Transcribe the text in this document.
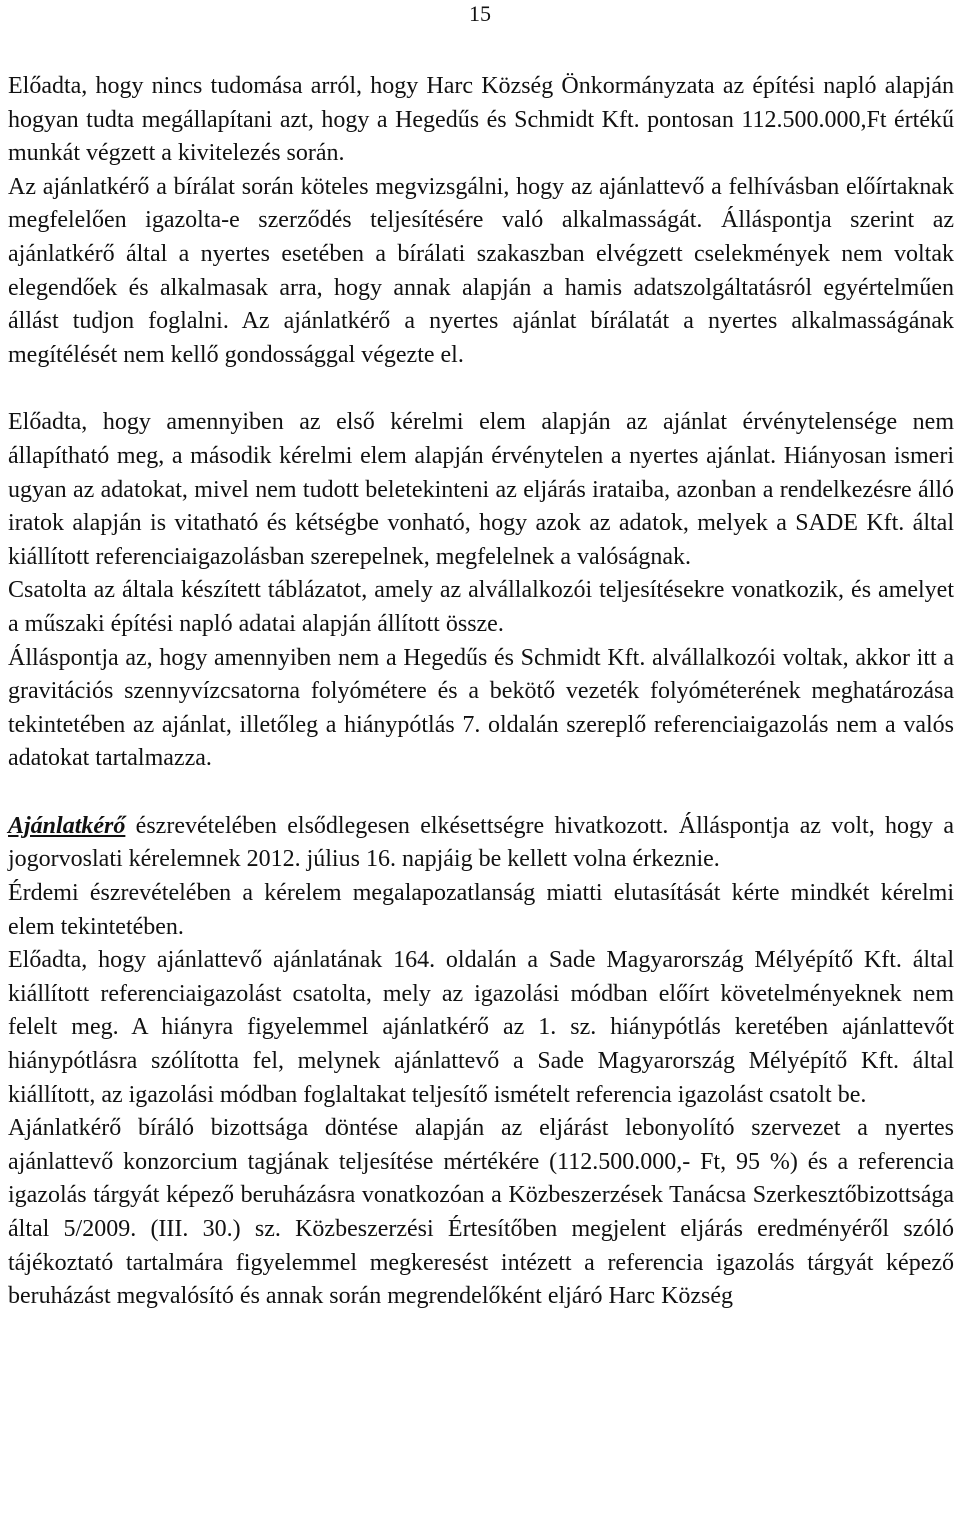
15

Előadta, hogy nincs tudomása arról, hogy Harc Község Önkormányzata az építési napló alapján hogyan tudta megállapítani azt, hogy a Hegedűs és Schmidt Kft. pontosan 112.500.000,Ft értékű munkát végzett a kivitelezés során.

Az ajánlatkérő a bírálat során köteles megvizsgálni, hogy az ajánlattevő a felhívásban előírtaknak megfelelően igazolta-e szerződés teljesítésére való alkalmasságát. Álláspontja szerint az ajánlatkérő által a nyertes esetében a bírálati szakaszban elvégzett cselekmények nem voltak elegendőek és alkalmasak arra, hogy annak alapján a hamis adatszolgáltatásról egyértelműen állást tudjon foglalni. Az ajánlatkérő a nyertes ajánlat bírálatát a nyertes alkalmasságának megítélését nem kellő gondossággal végezte el.

Előadta, hogy amennyiben az első kérelmi elem alapján az ajánlat érvénytelensége nem állapítható meg, a második kérelmi elem alapján érvénytelen a nyertes ajánlat. Hiányosan ismeri ugyan az adatokat, mivel nem tudott beletekinteni az eljárás irataiba, azonban a rendelkezésre álló iratok alapján is vitatható és kétségbe vonható, hogy azok az adatok, melyek a SADE Kft. által kiállított referenciaigazolásban szerepelnek, megfelelnek a valóságnak.

Csatolta az általa készített táblázatot, amely az alvállalkozói teljesítésekre vonatkozik, és amelyet a műszaki építési napló adatai alapján állított össze.

Álláspontja az, hogy amennyiben nem a Hegedűs és Schmidt Kft. alvállalkozói voltak, akkor itt a gravitációs szennyvízcsatorna folyómétere és a bekötő vezeték folyóméterének meghatározása tekintetében az ajánlat, illetőleg a hiánypótlás 7. oldalán szereplő referenciaigazolás nem a valós adatokat tartalmazza.

Ajánlatkérő észrevételében elsődlegesen elkésettségre hivatkozott. Álláspontja az volt, hogy a jogorvoslati kérelemnek 2012. július 16. napjáig be kellett volna érkeznie.

Érdemi észrevételében a kérelem megalapozatlanság miatti elutasítását kérte mindkét kérelmi elem tekintetében.

Előadta, hogy ajánlattevő ajánlatának 164. oldalán a Sade Magyarország Mélyépítő Kft. által kiállított referenciaigazolást csatolta, mely az igazolási módban előírt követelményeknek nem felelt meg. A hiányra figyelemmel ajánlatkérő az 1. sz. hiánypótlás keretében ajánlattevőt hiánypótlásra szólította fel, melynek ajánlattevő a Sade Magyarország Mélyépítő Kft. által kiállított, az igazolási módban foglaltakat teljesítő ismételt referencia igazolást csatolt be.

Ajánlatkérő bíráló bizottsága döntése alapján az eljárást lebonyolító szervezet a nyertes ajánlattevő konzorcium tagjának teljesítése mértékére (112.500.000,- Ft, 95 %) és a referencia igazolás tárgyát képező beruházásra vonatkozóan a Közbeszerzések Tanácsa Szerkesztőbizottsága által 5/2009. (III. 30.) sz. Közbeszerzési Értesítőben megjelent eljárás eredményéről szóló tájékoztató tartalmára figyelemmel megkeresést intézett a referencia igazolás tárgyát képező beruházást megvalósító és annak során megrendelőként eljáró Harc Község
